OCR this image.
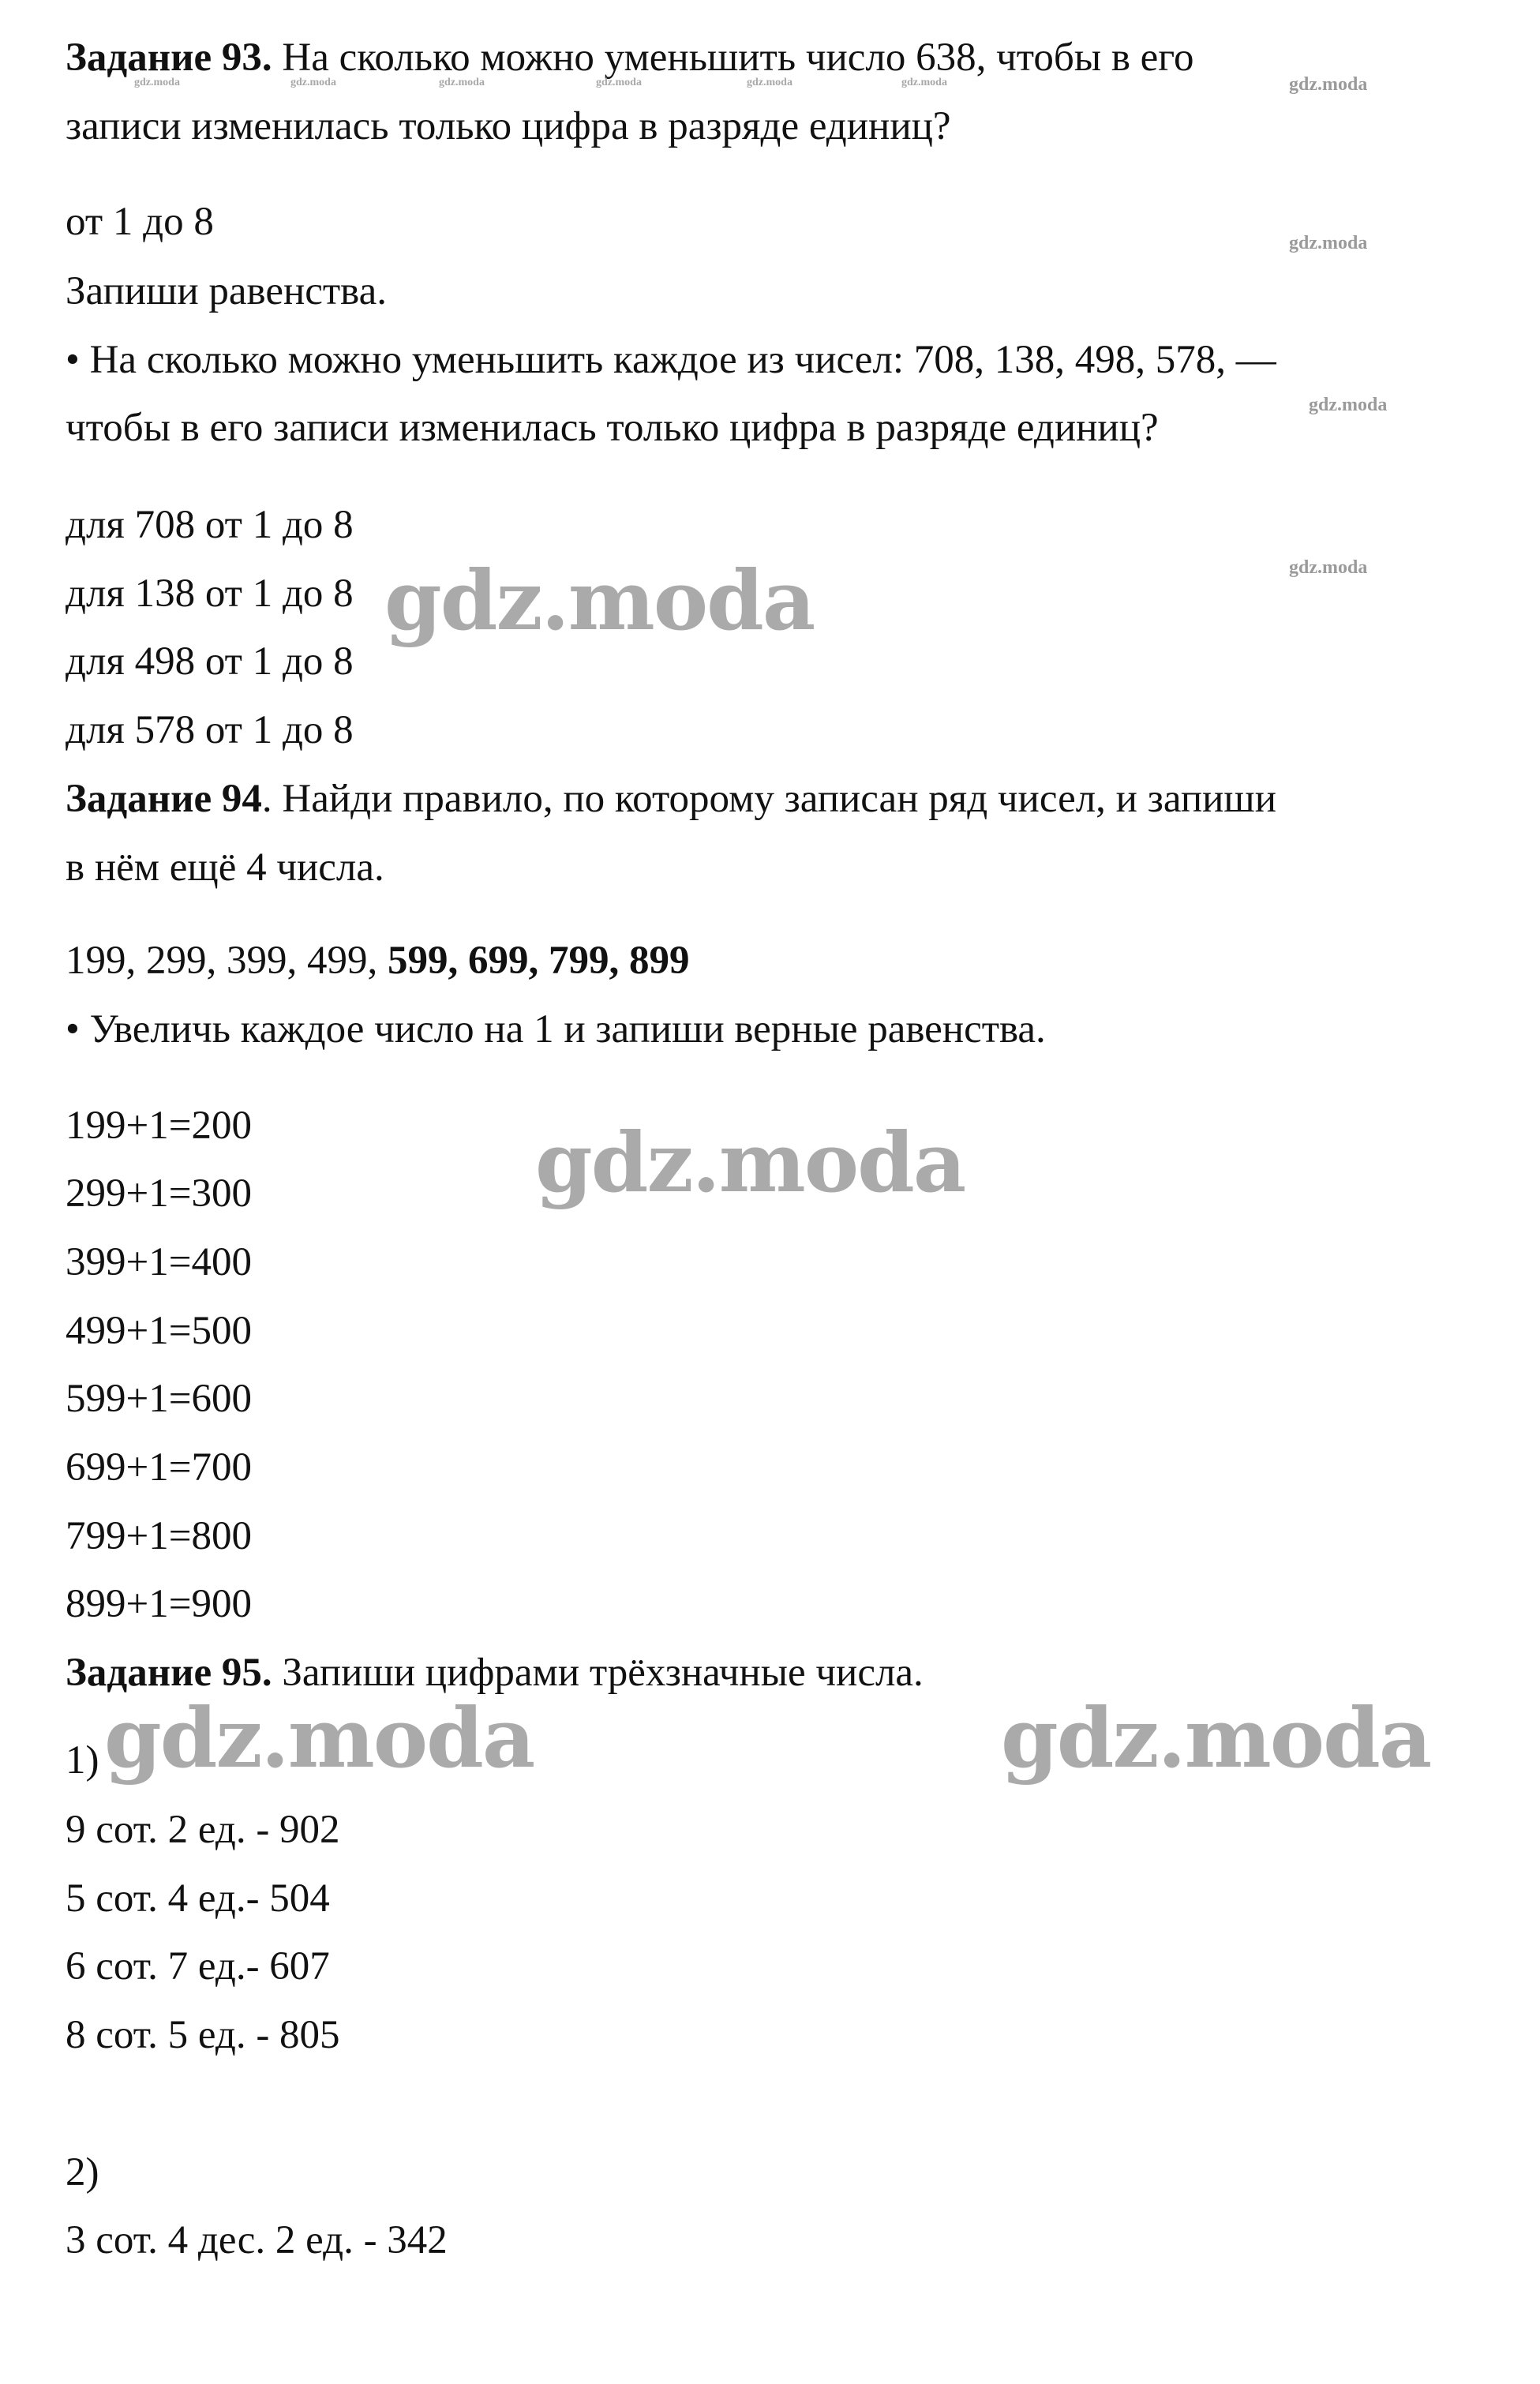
Задание 93. На сколько можно уменьшить число 638, чтобы в его
записи изменилась только цифра в разряде единиц?
от 1 до 8
Запиши равенства.
• На сколько можно уменьшить каждое из чисел: 708, 138, 498, 578, —
чтобы в его записи изменилась только цифра в разряде единиц?
для 708 от 1 до 8
для 138 от 1 до 8
для 498 от 1 до 8
для 578 от 1 до 8
Задание 94. Найди правило, по которому записан ряд чисел, и запиши
в нём ещё 4 числа.
199, 299, 399, 499, 599, 699, 799, 899
• Увеличь каждое число на 1 и запиши верные равенства.
199+1=200
299+1=300
399+1=400
499+1=500
599+1=600
699+1=700
799+1=800
899+1=900
Задание 95. Запиши цифрами трёхзначные числа.
1)
9 сот. 2 ед. - 902
5 сот. 4 ед.- 504
6 сот. 7 ед.- 607
8 сот. 5 ед. - 805
2)
3 сот. 4 дес. 2 ед. - 342
gdz.moda	gdz.moda	gdz.moda	gdz.moda	gdz.moda	gdz.moda	gdz.moda
gdz.moda
gdz.moda
gdz.moda
gdz.moda
gdz.moda
gdz.moda	gdz.moda
